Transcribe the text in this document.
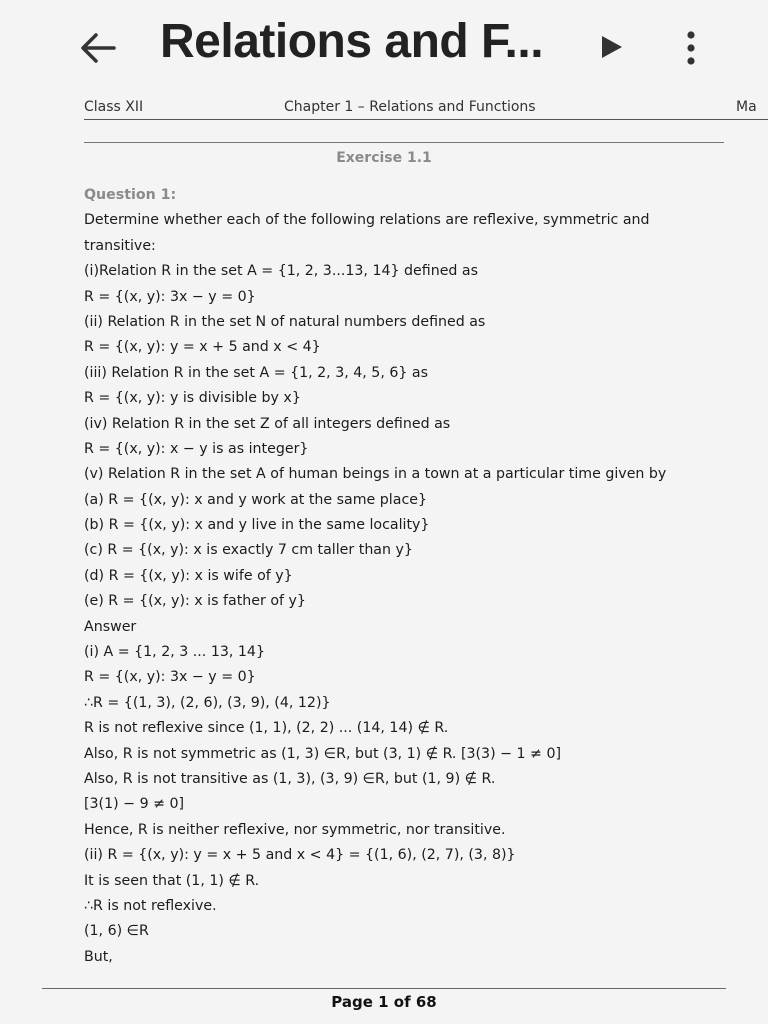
Relations and F...
Class XII	Chapter 1 – Relations and Functions	Ma
Exercise 1.1
Question 1:
Determine whether each of the following relations are reflexive, symmetric and
transitive:
(i)Relation R in the set A = {1, 2, 3...13, 14} defined as
R = {(x, y): 3x − y = 0}
(ii) Relation R in the set N of natural numbers defined as
R = {(x, y): y = x + 5 and x < 4}
(iii) Relation R in the set A = {1, 2, 3, 4, 5, 6} as
R = {(x, y): y is divisible by x}
(iv) Relation R in the set Z of all integers defined as
R = {(x, y): x − y is as integer}
(v) Relation R in the set A of human beings in a town at a particular time given by
(a) R = {(x, y): x and y work at the same place}
(b) R = {(x, y): x and y live in the same locality}
(c) R = {(x, y): x is exactly 7 cm taller than y}
(d) R = {(x, y): x is wife of y}
(e) R = {(x, y): x is father of y}
Answer
(i) A = {1, 2, 3 ... 13, 14}
R = {(x, y): 3x − y = 0}
∴R = {(1, 3), (2, 6), (3, 9), (4, 12)}
R is not reflexive since (1, 1), (2, 2) ... (14, 14) ∉ R.
Also, R is not symmetric as (1, 3) ∈R, but (3, 1) ∉ R. [3(3) − 1 ≠ 0]
Also, R is not transitive as (1, 3), (3, 9) ∈R, but (1, 9) ∉ R.
[3(1) − 9 ≠ 0]
Hence, R is neither reflexive, nor symmetric, nor transitive.
(ii) R = {(x, y): y = x + 5 and x < 4} = {(1, 6), (2, 7), (3, 8)}
It is seen that (1, 1) ∉ R.
∴R is not reflexive.
(1, 6) ∈R
But,
Page 1 of 68
